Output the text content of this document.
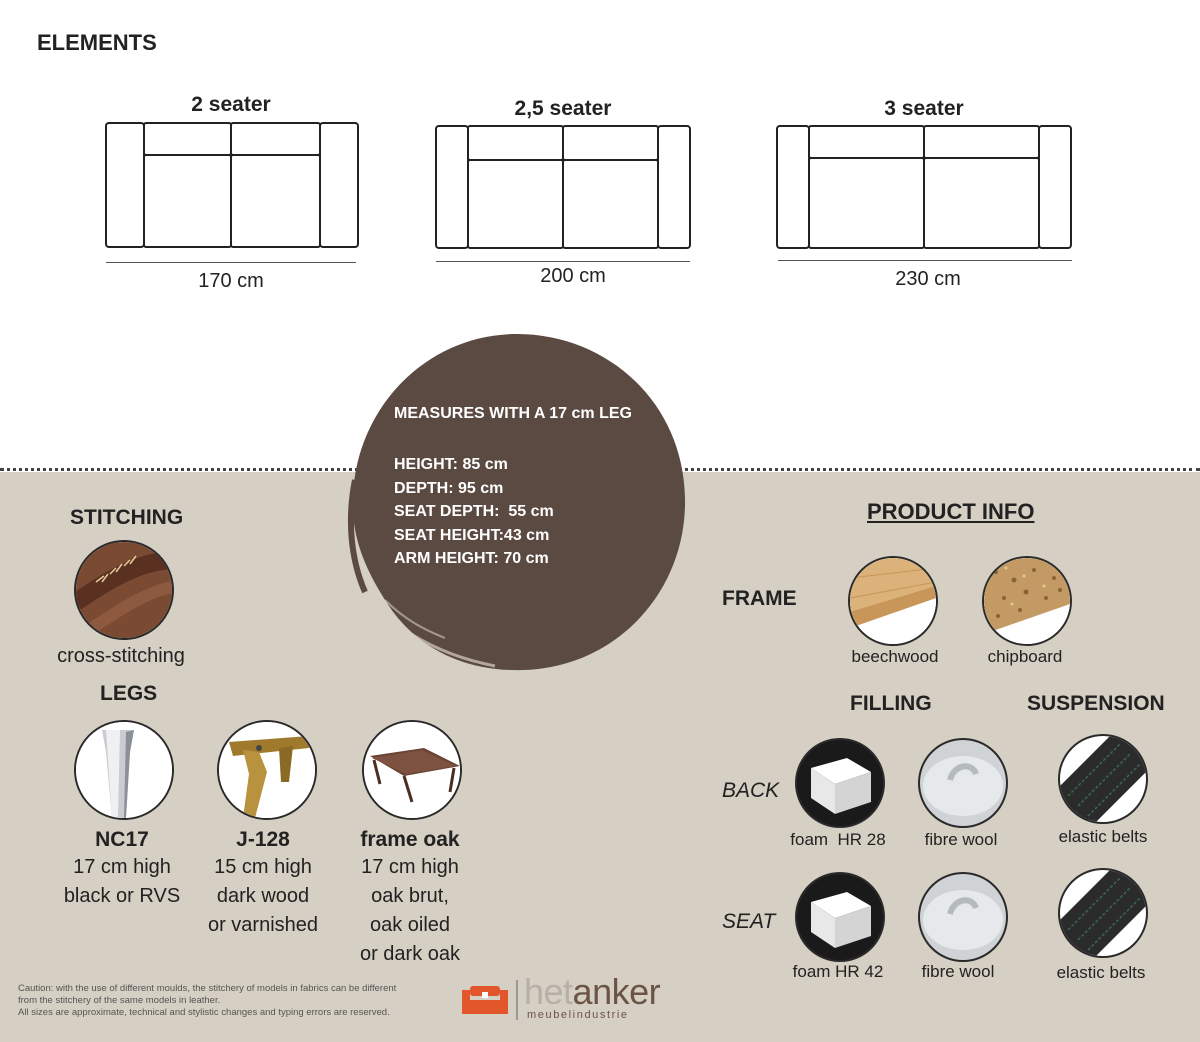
ELEMENTS
2 seater
170 cm
2,5 seater
200 cm
3 seater
230 cm
MEASURES WITH A 17 cm LEG
HEIGHT: 85 cm
DEPTH: 95 cm
SEAT DEPTH:  55 cm
SEAT HEIGHT:43 cm
ARM HEIGHT: 70 cm
STITCHING
cross-stitching
LEGS
NC17
17 cm high
black or RVS
J-128
15 cm high
dark wood
or varnished
frame oak
17 cm high
oak brut,
oak oiled
or dark oak
PRODUCT INFO
FRAME
beechwood	chipboard
FILLING	SUSPENSION
BACK
foam  HR 28	fibre wool	elastic belts
SEAT
foam HR 42	fibre wool	elastic belts
Caution: with the use of different moulds, the stitchery of models in fabrics can be different
from the stitchery of the same models in leather.
All sizes are approximate, technical and stylistic changes and typing errors are reserved.
hetanker
meubelindustrie
